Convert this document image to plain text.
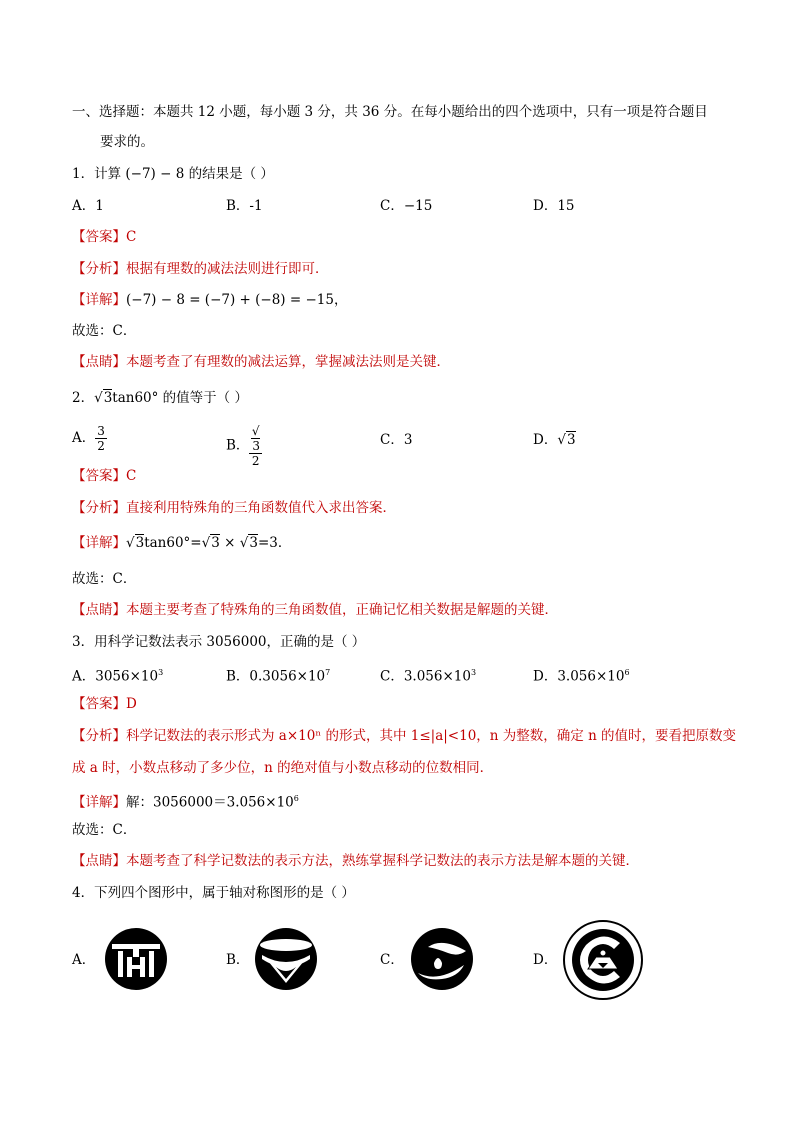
一、选择题：本题共 12 小题，每小题 3 分，共 36 分。在每小题给出的四个选项中，只有一项是符合题目
要求的。
1．计算 (−7) − 8 的结果是（ ）
A．1	B．-1	C．−15	D．15
【答案】C
【分析】根据有理数的减法法则进行即可．
【详解】(−7) − 8 = (−7) + (−8) = −15，
故选：C．
【点睛】本题考查了有理数的减法运算，掌握减法法则是关键．
2．√3tan60° 的值等于（ ）
A． $\frac{3}{2}$	B． √
3
2	C．3	D．√3
【答案】C
【分析】直接利用特殊角的三角函数值代入求出答案．
【详解】√3tan60°=√3 × √3=3．
故选：C．
【点睛】本题主要考查了特殊角的三角函数值，正确记忆相关数据是解题的关键．
3．用科学记数法表示 3056000，正确的是（ ）
A．$3056\times 10^3$	B．$0.3056\times 10^7$	C．$3.056\times 10^3$	D．$3.056\times 10^6$
【答案】D
【分析】科学记数法的表示形式为 a×10ⁿ 的形式，其中 1≤|a|<10，n 为整数，确定 n 的值时，要看把原数变
成 a 时，小数点移动了多少位，n 的绝对值与小数点移动的位数相同．
【详解】解：$3056000=3.056\times 10^6$
故选：C．
【点睛】本题考查了科学记数法的表示方法，熟练掌握科学记数法的表示方法是解本题的关键．
4．下列四个图形中，属于轴对称图形的是（ ）
A．	B．	C．	D．
